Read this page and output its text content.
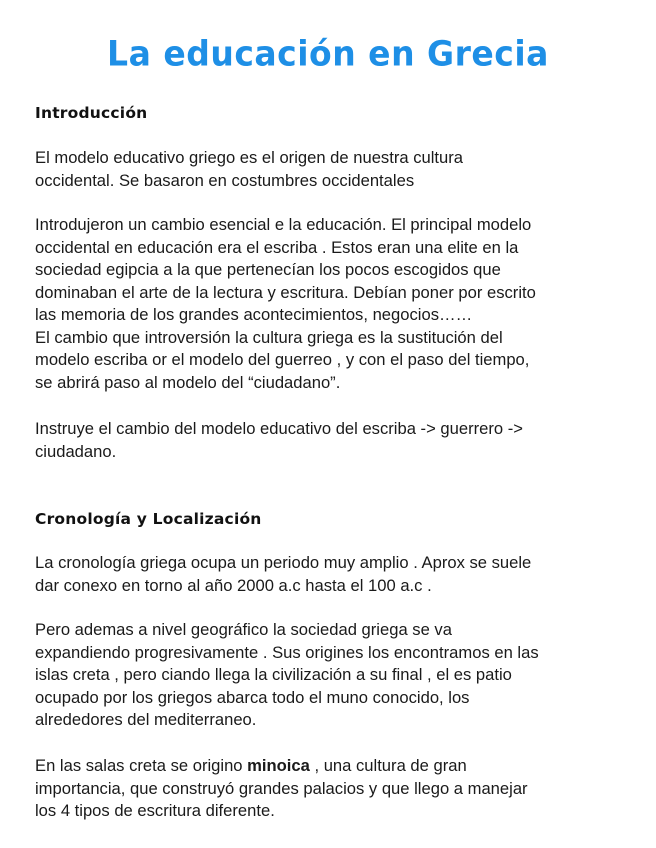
La educación en Grecia
Introducción

El modelo educativo griego es el origen de nuestra cultura
occidental. Se basaron en costumbres occidentales

Introdujeron un cambio esencial e la educación. El principal modelo
occidental en educación era el escriba . Estos eran una elite en la
sociedad egipcia a la que pertenecían los pocos escogidos que
dominaban el arte de la lectura y escritura. Debían poner por escrito
las memoria de los grandes acontecimientos, negocios……
El cambio que introversión la cultura griega es la sustitución del
modelo escriba or el modelo del guerreo , y con el paso del tiempo,
se abrirá paso al modelo del “ciudadano”.

Instruye el cambio del modelo educativo del escriba -> guerrero ->
ciudadano.

Cronología y Localización

La cronología griega ocupa un periodo muy amplio . Aprox se suele
dar conexo en torno al año 2000 a.c hasta el 100 a.c .

Pero ademas a nivel geográfico la sociedad griega se va
expandiendo progresivamente . Sus origines los encontramos en las
islas creta , pero ciando llega la civilización a su final , el es patio
ocupado por los griegos abarca todo el muno conocido, los
alrededores del mediterraneo.

En las salas creta se origino minoica , una cultura de gran
importancia, que construyó grandes palacios y que llego a manejar
los 4 tipos de escritura diferente.
